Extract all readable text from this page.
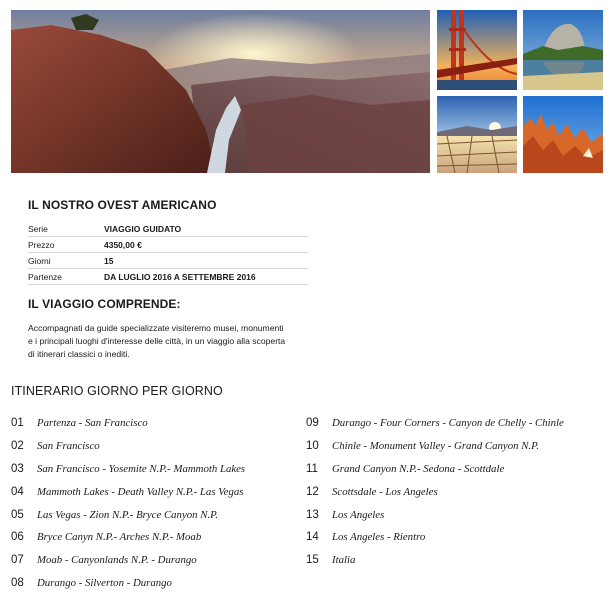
IL NOSTRO OVEST AMERICANO
Serie	VIAGGIO GUIDATO
Prezzo	4350,00 €
Giorni	15
Partenze	DA LUGLIO 2016 A SETTEMBRE 2016
IL VIAGGIO COMPRENDE:

Accompagnati da guide specializzate visiteremo musei, monumenti e i principali luoghi d'interesse delle città, in un viaggio alla scoperta di itinerari classici o inediti.

ITINERARIO GIORNO PER GIORNO
01	Partenza - San Francisco
02	San Francisco
03	San Francisco - Yosemite N.P.- Mammoth Lakes
04	Mammoth Lakes - Death Valley N.P.- Las Vegas
05	Las Vegas - Zion N.P.- Bryce Canyon N.P.
06	Bryce Canyn N.P.- Arches N.P.- Moab
07	Moab - Canyonlands N.P. - Durango
08	Durango - Silverton - Durango
09	Durango - Four Corners - Canyon de Chelly - Chinle
10	Chinle - Monument Valley - Grand Canyon N.P.
11	Grand Canyon N.P.- Sedona - Scottdale
12	Scottsdale - Los Angeles
13	Los Angeles
14	Los Angeles - Rientro
15	Italia
